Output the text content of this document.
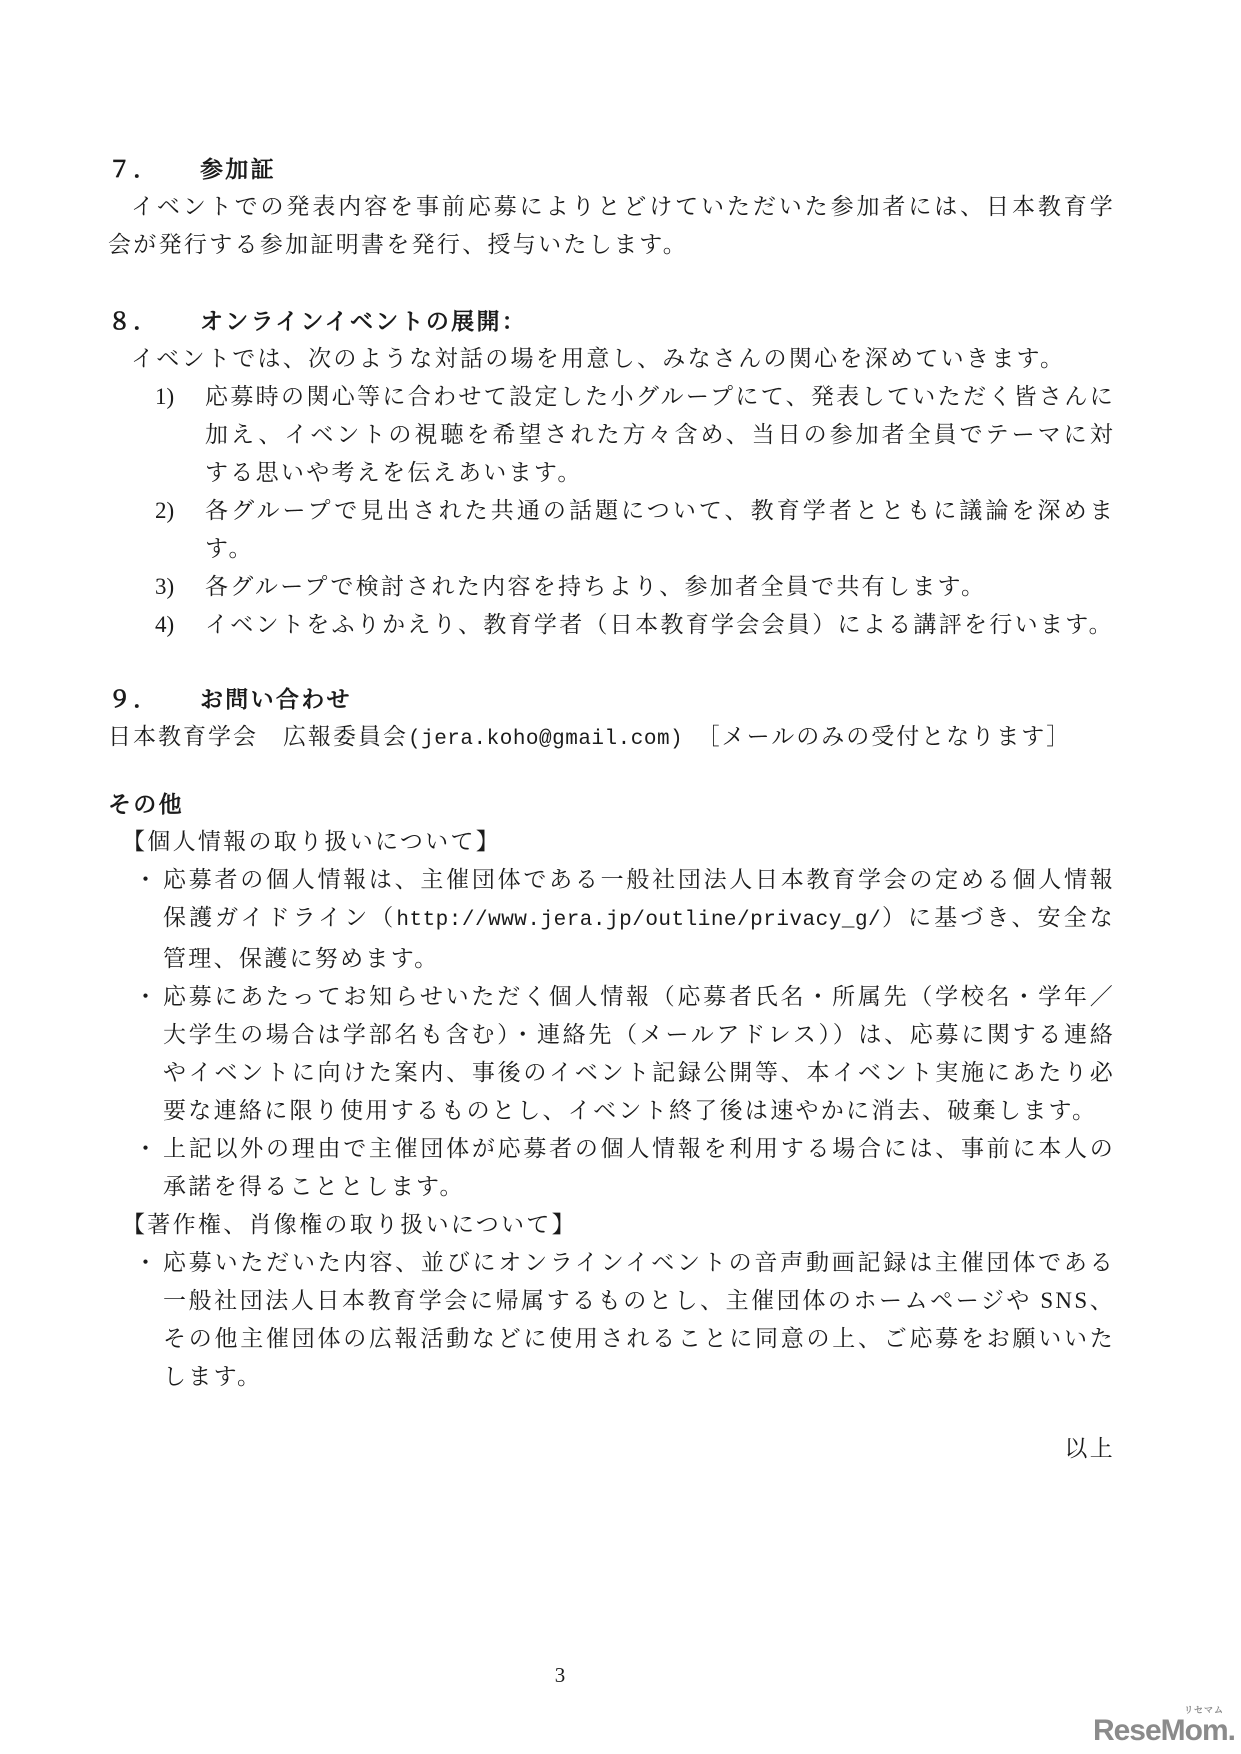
７． 参加証

イベントでの発表内容を事前応募によりとどけていただいた参加者には、日本教育学会が発行する参加証明書を発行、授与いたします。

８． オンラインイベントの展開：

イベントでは、次のような対話の場を用意し、みなさんの関心を深めていきます。

1) 応募時の関心等に合わせて設定した小グループにて、発表していただく皆さんに加え、イベントの視聴を希望された方々含め、当日の参加者全員でテーマに対する思いや考えを伝えあいます。
2) 各グループで見出された共通の話題について、教育学者とともに議論を深めます。
3) 各グループで検討された内容を持ちより、参加者全員で共有します。
4) イベントをふりかえり、教育学者（日本教育学会会員）による講評を行います。
９． お問い合わせ

日本教育学会　広報委員会(jera.koho@gmail.com)　［メールのみの受付となります］

その他
【個人情報の取り扱いについて】
・ 応募者の個人情報は、主催団体である一般社団法人日本教育学会の定める個人情報保護ガイドライン（http://www.jera.jp/outline/privacy_g/）に基づき、安全な管理、保護に努めます。
・ 応募にあたってお知らせいただく個人情報（応募者氏名・所属先（学校名・学年／大学生の場合は学部名も含む）・連絡先（メールアドレス））は、応募に関する連絡やイベントに向けた案内、事後のイベント記録公開等、本イベント実施にあたり必要な連絡に限り使用するものとし、イベント終了後は速やかに消去、破棄します。
・ 上記以外の理由で主催団体が応募者の個人情報を利用する場合には、事前に本人の承諾を得ることとします。
【著作権、肖像権の取り扱いについて】
・ 応募いただいた内容、並びにオンラインイベントの音声動画記録は主催団体である一般社団法人日本教育学会に帰属するものとし、主催団体のホームページや SNS、その他主催団体の広報活動などに使用されることに同意の上、ご応募をお願いいたします。
以上
3
リセマム
ReseMom.
